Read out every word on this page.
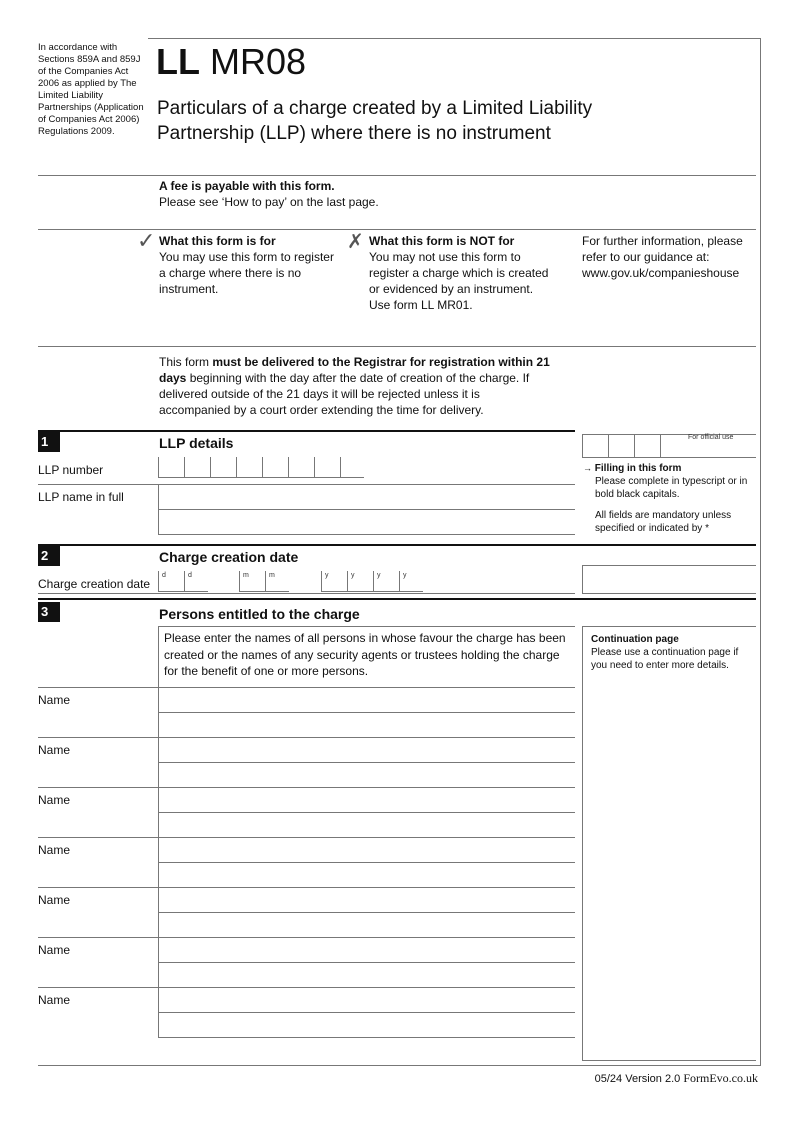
In accordance with Sections 859A and 859J of the Companies Act 2006 as applied by The Limited Liability Partnerships (Application of Companies Act 2006) Regulations 2009.
LL MR08
Particulars of a charge created by a Limited Liability
Partnership (LLP) where there is no instrument
A fee is payable with this form.
Please see ‘How to pay’ on the last page.
✓ What this form is for
You may use this form to register a charge where there is no instrument.
✗ What this form is NOT for
You may not use this form to register a charge which is created or evidenced by an instrument. Use form LL MR01.
For further information, please refer to our guidance at: www.gov.uk/companieshouse
This form must be delivered to the Registrar for registration within 21 days beginning with the day after the date of creation of the charge. If delivered outside of the 21 days it will be rejected unless it is accompanied by a court order extending the time for delivery.
1	LLP details	For official use
LLP number
LLP name in full
→ Filling in this form
Please complete in typescript or in bold black capitals.
All fields are mandatory unless specified or indicated by *
2	Charge creation date
Charge creation date
d	d	m	m	y	y	y	y
3	Persons entitled to the charge
Please enter the names of all persons in whose favour the charge has been created or the names of any security agents or trustees holding the charge for the benefit of one or more persons.
Continuation page
Please use a continuation page if you need to enter more details.
Name
Name
Name
Name
Name
Name
Name
05/24 Version 2.0 FormEvo.co.uk
